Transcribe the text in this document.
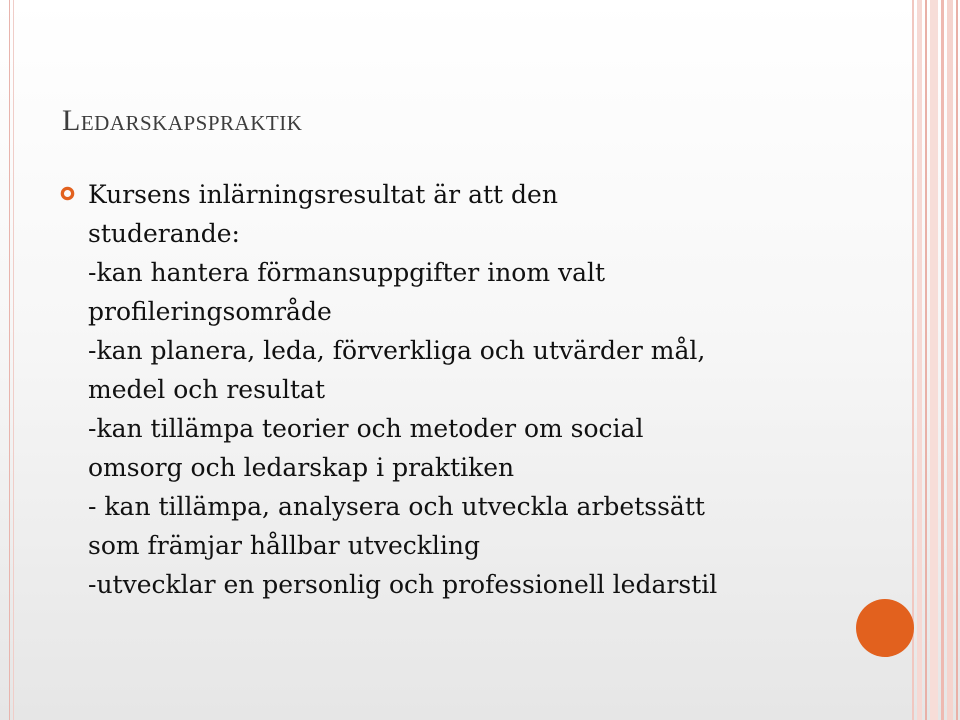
Ledarskapspraktik
Kursens inlärningsresultat är att den
studerande:
-kan hantera förmansuppgifter inom valt
profileringsområde
-kan planera, leda, förverkliga och utvärder mål,
medel och resultat
-kan tillämpa teorier och metoder om social
omsorg och ledarskap i praktiken
- kan tillämpa, analysera och utveckla arbetssätt
som främjar hållbar utveckling
-utvecklar en personlig och professionell ledarstil
